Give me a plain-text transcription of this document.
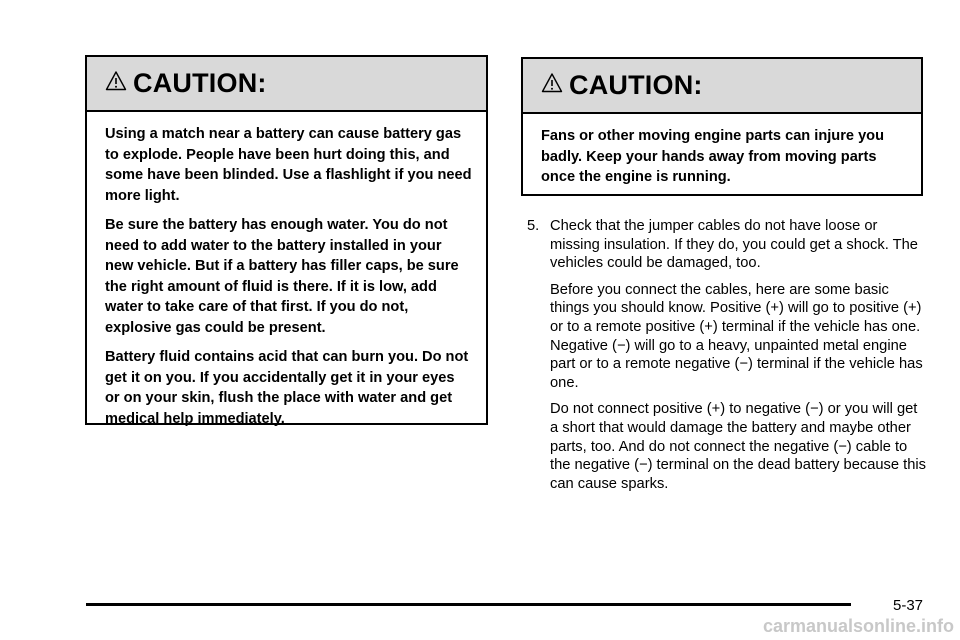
CAUTION:

Using a match near a battery can cause battery gas to explode. People have been hurt doing this, and some have been blinded. Use a flashlight if you need more light.

Be sure the battery has enough water. You do not need to add water to the battery installed in your new vehicle. But if a battery has filler caps, be sure the right amount of fluid is there. If it is low, add water to take care of that first. If you do not, explosive gas could be present.

Battery fluid contains acid that can burn you. Do not get it on you. If you accidentally get it in your eyes or on your skin, flush the place with water and get medical help immediately.

CAUTION:

Fans or other moving engine parts can injure you badly. Keep your hands away from moving parts once the engine is running.

5. Check that the jumper cables do not have loose or missing insulation. If they do, you could get a shock. The vehicles could be damaged, too.

Before you connect the cables, here are some basic things you should know. Positive (+) will go to positive (+) or to a remote positive (+) terminal if the vehicle has one. Negative (−) will go to a heavy, unpainted metal engine part or to a remote negative (−) terminal if the vehicle has one.

Do not connect positive (+) to negative (−) or you will get a short that would damage the battery and maybe other parts, too. And do not connect the negative (−) cable to the negative (−) terminal on the dead battery because this can cause sparks.

5-37
carmanualsonline.info
